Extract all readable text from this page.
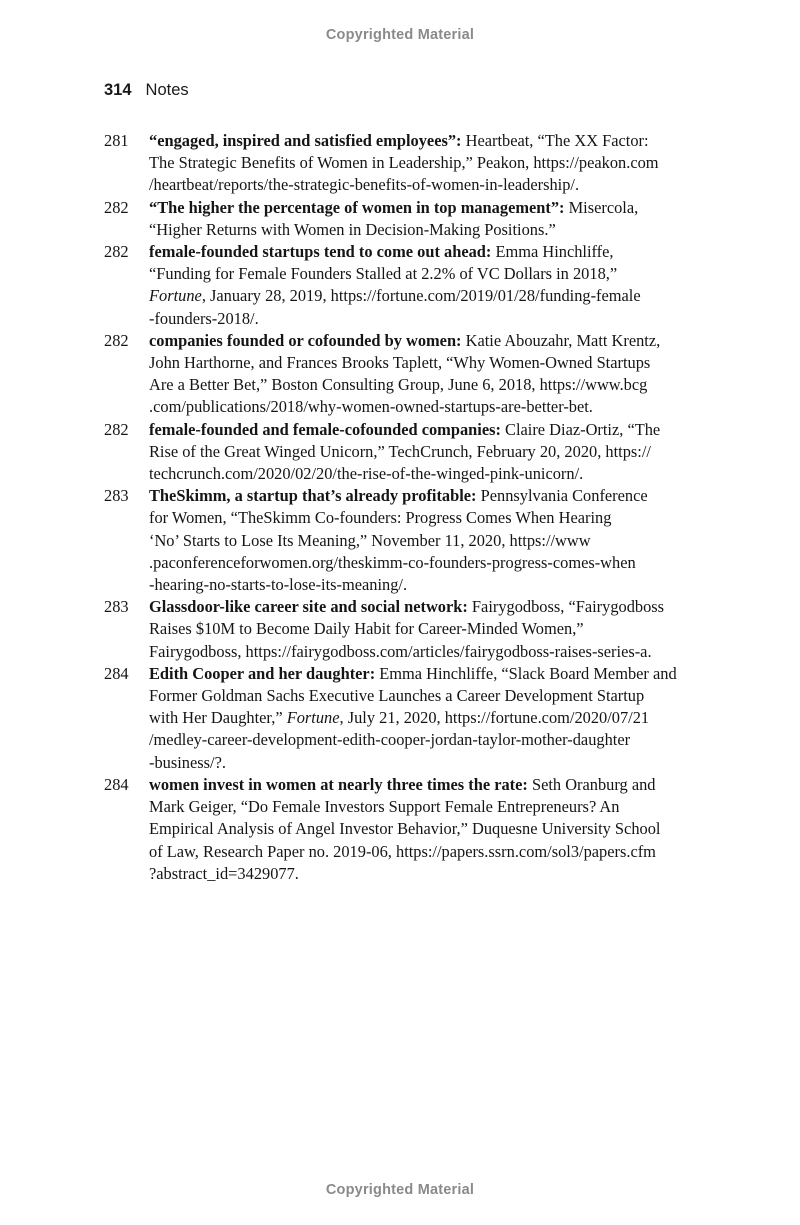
Copyrighted Material
314 Notes
281	“engaged, inspired and satisfied employees”: Heartbeat, “The XX Factor:
The Strategic Benefits of Women in Leadership,” Peakon, https://peakon.com
/heartbeat/reports/the-strategic-benefits-of-women-in-leadership/.
282	“The higher the percentage of women in top management”: Misercola,
“Higher Returns with Women in Decision-Making Positions.”
282	female-founded startups tend to come out ahead: Emma Hinchliffe,
“Funding for Female Founders Stalled at 2.2% of VC Dollars in 2018,”
Fortune, January 28, 2019, https://fortune.com/2019/01/28/funding-female
-founders-2018/.
282	companies founded or cofounded by women: Katie Abouzahr, Matt Krentz,
John Harthorne, and Frances Brooks Taplett, “Why Women-Owned Startups
Are a Better Bet,” Boston Consulting Group, June 6, 2018, https://www.bcg
.com/publications/2018/why-women-owned-startups-are-better-bet.
282	female-founded and female-cofounded companies: Claire Diaz-Ortiz, “The
Rise of the Great Winged Unicorn,” TechCrunch, February 20, 2020, https://
techcrunch.com/2020/02/20/the-rise-of-the-winged-pink-unicorn/.
283	TheSkimm, a startup that’s already profitable: Pennsylvania Conference
for Women, “TheSkimm Co-founders: Progress Comes When Hearing
‘No’ Starts to Lose Its Meaning,” November 11, 2020, https://www
.paconferenceforwomen.org/theskimm-co-founders-progress-comes-when
-hearing-no-starts-to-lose-its-meaning/.
283	Glassdoor-like career site and social network: Fairygodboss, “Fairygodboss
Raises $10M to Become Daily Habit for Career-Minded Women,”
Fairygodboss, https://fairygodboss.com/articles/fairygodboss-raises-series-a.
284	Edith Cooper and her daughter: Emma Hinchliffe, “Slack Board Member and
Former Goldman Sachs Executive Launches a Career Development Startup
with Her Daughter,” Fortune, July 21, 2020, https://fortune.com/2020/07/21
/medley-career-development-edith-cooper-jordan-taylor-mother-daughter
-business/?.
284	women invest in women at nearly three times the rate: Seth Oranburg and
Mark Geiger, “Do Female Investors Support Female Entrepreneurs? An
Empirical Analysis of Angel Investor Behavior,” Duquesne University School
of Law, Research Paper no. 2019-06, https://papers.ssrn.com/sol3/papers.cfm
?abstract_id=3429077.
Copyrighted Material
